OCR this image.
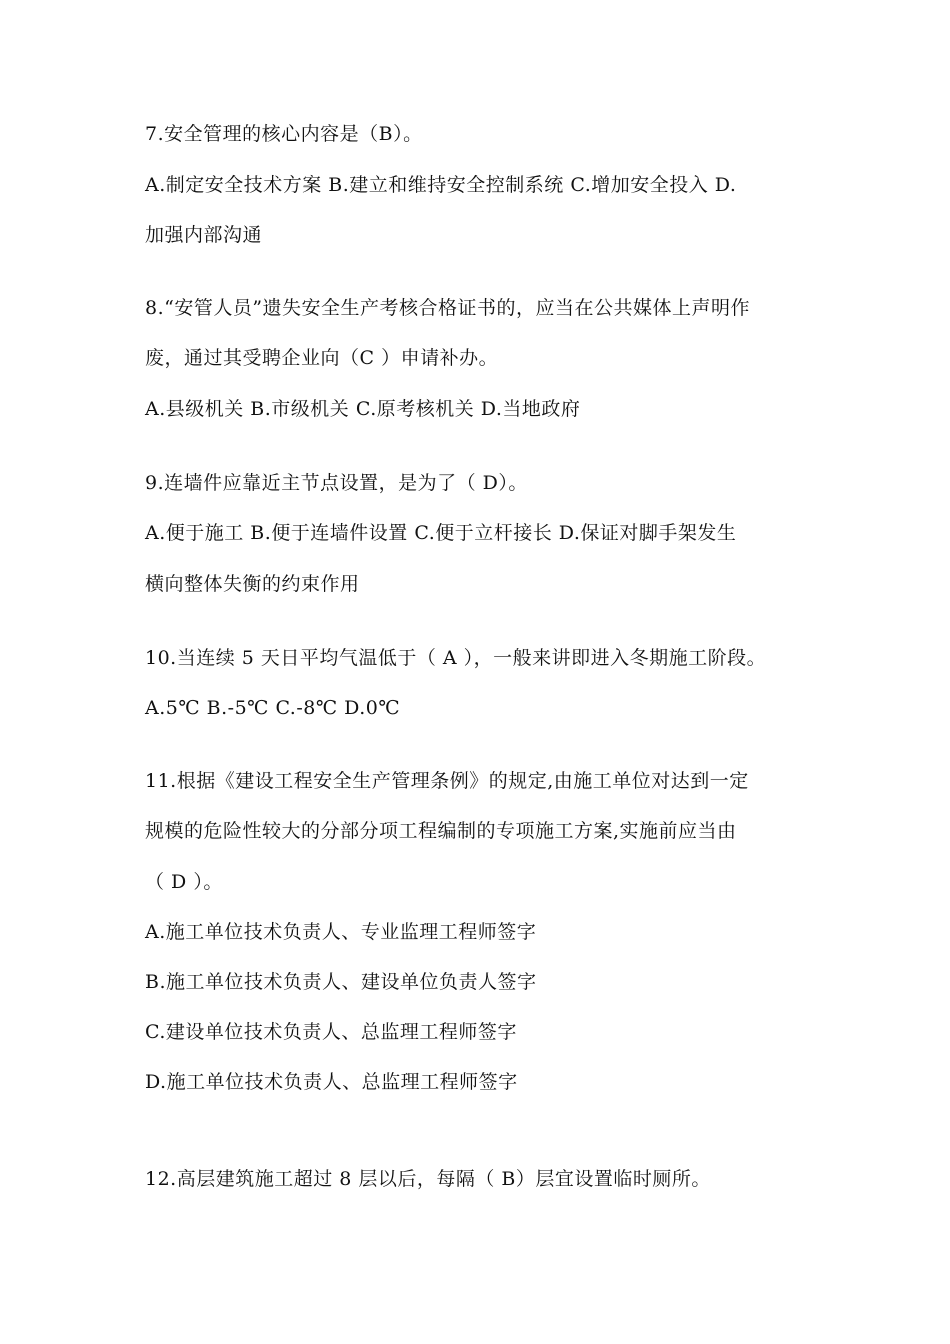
7.安全管理的核心内容是（B）。
A.制定安全技术方案 B.建立和维持安全控制系统 C.增加安全投入 D.
加强内部沟通
8.“安管人员”遗失安全生产考核合格证书的，应当在公共媒体上声明作
废，通过其受聘企业向（C ）申请补办。
A.县级机关 B.市级机关 C.原考核机关 D.当地政府
9.连墙件应靠近主节点设置，是为了（ D）。
A.便于施工 B.便于连墙件设置 C.便于立杆接长 D.保证对脚手架发生
横向整体失衡的约束作用
10.当连续 5 天日平均气温低于（ A ），一般来讲即进入冬期施工阶段。
A.5℃ B.-5℃ C.-8℃ D.0℃
11.根据《建设工程安全生产管理条例》的规定,由施工单位对达到一定
规模的危险性较大的分部分项工程编制的专项施工方案,实施前应当由
（ D ）。
A.施工单位技术负责人、专业监理工程师签字
B.施工单位技术负责人、建设单位负责人签字
C.建设单位技术负责人、总监理工程师签字
D.施工单位技术负责人、总监理工程师签字
12.高层建筑施工超过 8 层以后，每隔（ B）层宜设置临时厕所。
